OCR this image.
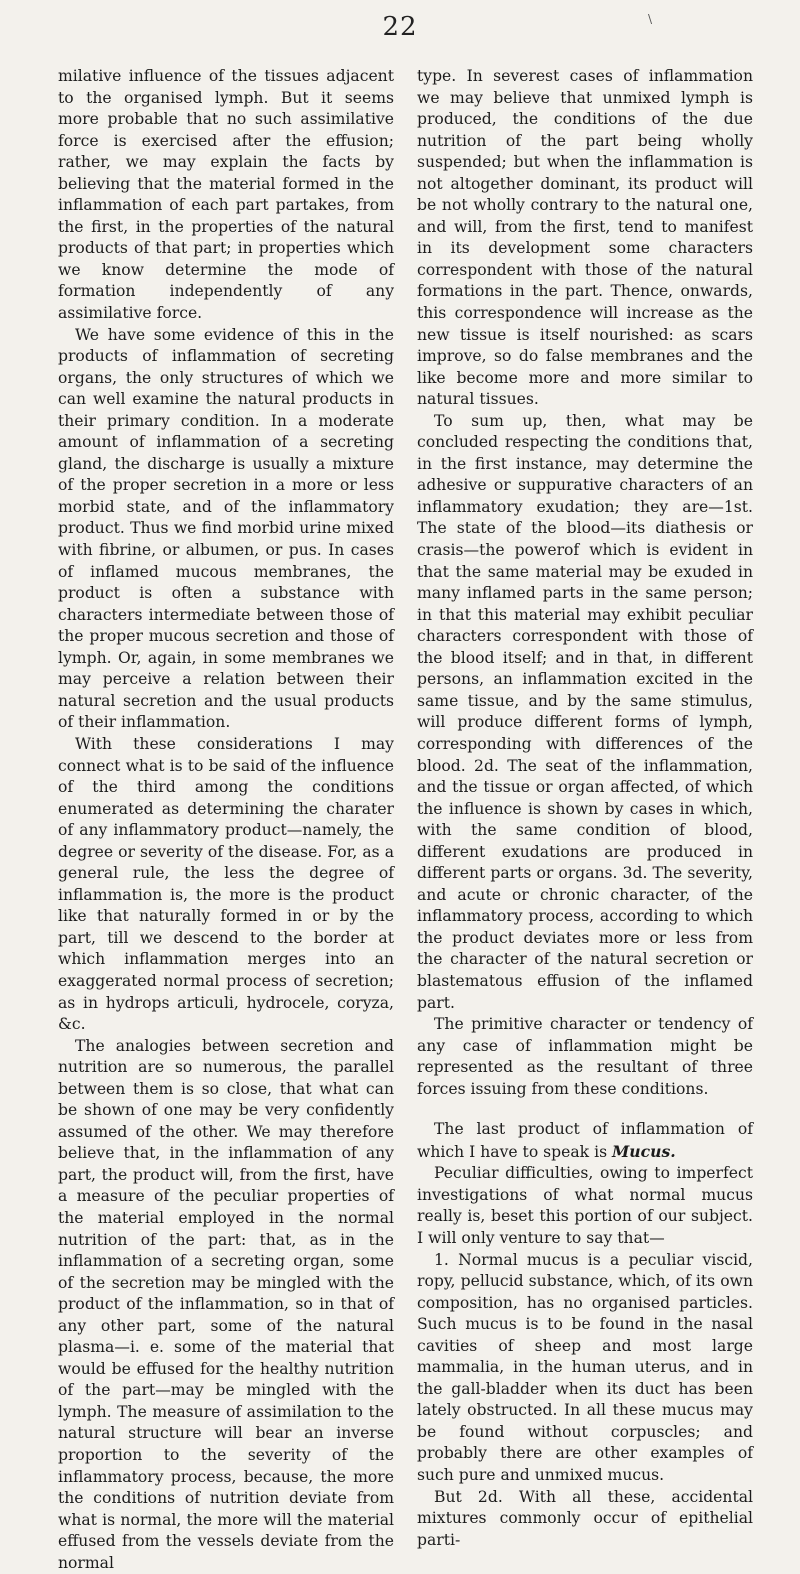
22	\

milative influence of the tissues adjacent to the organised lymph. But it seems more probable that no such assimilative force is exercised after the effusion; rather, we may explain the facts by believing that the material formed in the inflammation of each part partakes, from the first, in the properties of the natural products of that part; in properties which we know determine the mode of formation independently of any assimilative force.

We have some evidence of this in the products of inflammation of secreting organs, the only structures of which we can well examine the natural products in their primary condition. In a moderate amount of inflammation of a secreting gland, the discharge is usually a mixture of the proper secretion in a more or less morbid state, and of the inflammatory product. Thus we find morbid urine mixed with fibrine, or albumen, or pus. In cases of inflamed mucous membranes, the product is often a substance with characters intermediate between those of the proper mucous secretion and those of lymph. Or, again, in some membranes we may perceive a relation between their natural secretion and the usual products of their inflammation.

With these considerations I may connect what is to be said of the influence of the third among the conditions enumerated as determining the charater of any inflammatory product—namely, the degree or severity of the disease. For, as a general rule, the less the degree of inflammation is, the more is the product like that naturally formed in or by the part, till we descend to the border at which inflammation merges into an exaggerated normal process of secretion; as in hydrops articuli, hydrocele, coryza, &c.

The analogies between secretion and nutrition are so numerous, the parallel between them is so close, that what can be shown of one may be very confidently assumed of the other. We may therefore believe that, in the inflammation of any part, the product will, from the first, have a measure of the peculiar properties of the material employed in the normal nutrition of the part: that, as in the inflammation of a secreting organ, some of the secretion may be mingled with the product of the inflammation, so in that of any other part, some of the natural plasma—i. e. some of the material that would be effused for the healthy nutrition of the part—may be mingled with the lymph. The measure of assimilation to the natural structure will bear an inverse proportion to the severity of the inflammatory process, because, the more the conditions of nutrition deviate from what is normal, the more will the material effused from the vessels deviate from the normal

type. In severest cases of inflammation we may believe that unmixed lymph is produced, the conditions of the due nutrition of the part being wholly suspended; but when the inflammation is not altogether dominant, its product will be not wholly contrary to the natural one, and will, from the first, tend to manifest in its development some characters correspondent with those of the natural formations in the part. Thence, onwards, this correspondence will increase as the new tissue is itself nourished: as scars improve, so do false membranes and the like become more and more similar to natural tissues.

To sum up, then, what may be concluded respecting the conditions that, in the first instance, may determine the adhesive or suppurative characters of an inflammatory exudation; they are—1st. The state of the blood—its diathesis or crasis—the powerof which is evident in that the same material may be exuded in many inflamed parts in the same person; in that this material may exhibit peculiar characters correspondent with those of the blood itself; and in that, in different persons, an inflammation excited in the same tissue, and by the same stimulus, will produce different forms of lymph, corresponding with differences of the blood. 2d. The seat of the inflammation, and the tissue or organ affected, of which the influence is shown by cases in which, with the same condition of blood, different exudations are produced in different parts or organs. 3d. The severity, and acute or chronic character, of the inflammatory process, according to which the product deviates more or less from the character of the natural secretion or blastematous effusion of the inflamed part.

The primitive character or tendency of any case of inflammation might be represented as the resultant of three forces issuing from these conditions.

The last product of inflammation of which I have to speak is Mucus.

Peculiar difficulties, owing to imperfect investigations of what normal mucus really is, beset this portion of our subject. I will only venture to say that—

1. Normal mucus is a peculiar viscid, ropy, pellucid substance, which, of its own composition, has no organised particles. Such mucus is to be found in the nasal cavities of sheep and most large mammalia, in the human uterus, and in the gall-bladder when its duct has been lately obstructed. In all these mucus may be found without corpuscles; and probably there are other examples of such pure and unmixed mucus.

But 2d. With all these, accidental mixtures commonly occur of epithelial parti-
